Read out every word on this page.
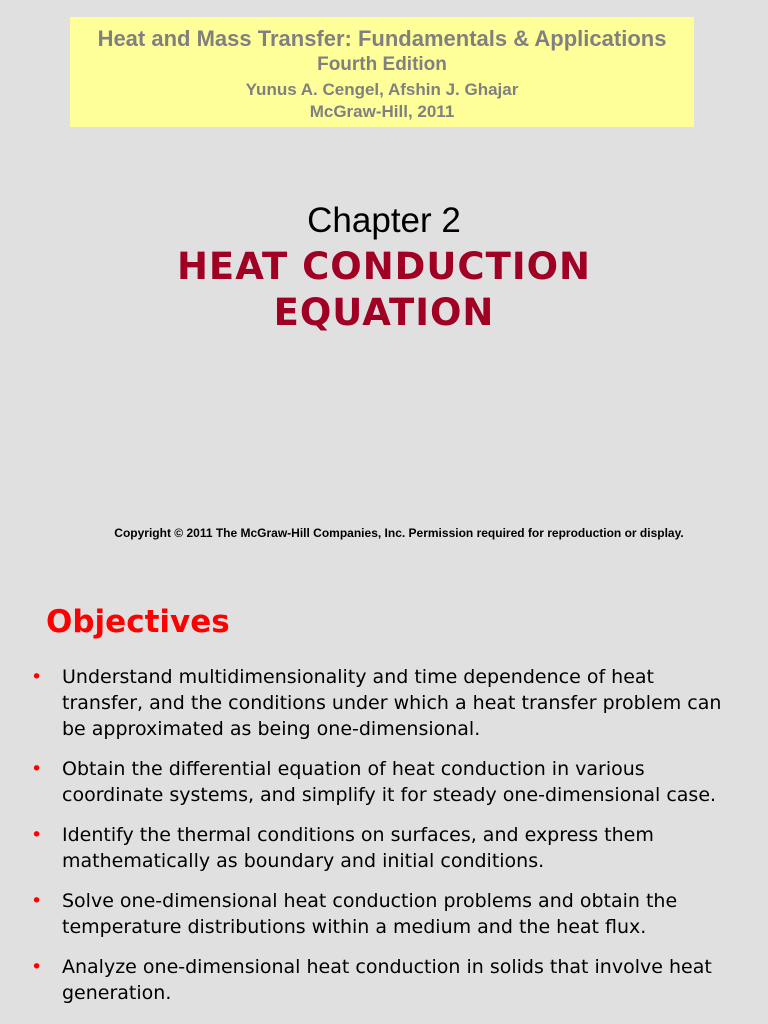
Heat and Mass Transfer: Fundamentals & Applications
Fourth Edition
Yunus A. Cengel, Afshin J. Ghajar
McGraw-Hill, 2011
Chapter 2
HEAT CONDUCTION
EQUATION
Copyright © 2011 The McGraw-Hill Companies, Inc. Permission required for reproduction or display.
Objectives
• Understand multidimensionality and time dependence of heat transfer, and the conditions under which a heat transfer problem can be approximated as being one-dimensional.
• Obtain the differential equation of heat conduction in various coordinate systems, and simplify it for steady one-dimensional case.
• Identify the thermal conditions on surfaces, and express them mathematically as boundary and initial conditions.
• Solve one-dimensional heat conduction problems and obtain the temperature distributions within a medium and the heat flux.
• Analyze one-dimensional heat conduction in solids that involve heat generation.
